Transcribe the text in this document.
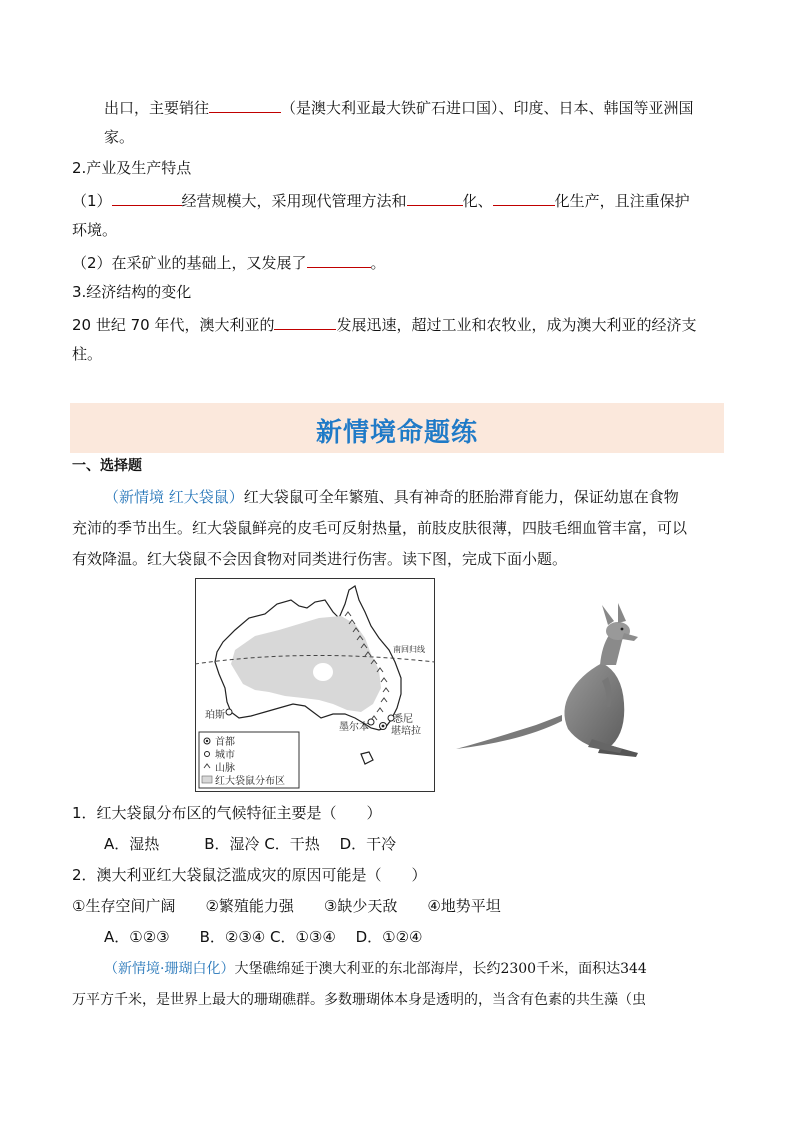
出口，主要销往	（是澳大利亚最大铁矿石进口国）、印度、日本、韩国等亚洲国
家。
2.产业及生产特点
（1）	经营规模大，采用现代管理方法和	化、	化生产，且注重保护
环境。
（2）在采矿业的基础上，又发展了	。
3.经济结构的变化
20 世纪 70 年代，澳大利亚的	发展迅速，超过工业和农牧业，成为澳大利亚的经济支
柱。
新情境命题练
一、选择题
（新情境 红大袋鼠）红大袋鼠可全年繁殖、具有神奇的胚胎滞育能力，保证幼崽在食物
充沛的季节出生。红大袋鼠鲜亮的皮毛可反射热量，前肢皮肤很薄，四肢毛细血管丰富，可以
有效降温。红大袋鼠不会因食物对同类进行伤害。读下图，完成下面小题。
首都
城市
山脉
红大袋鼠分布区
南回归线
珀斯
墨尔本
悉尼
堪培拉
1．红大袋鼠分布区的气候特征主要是（　　）
A．湿热　　　B．湿冷 C．干热　 D．干冷
2．澳大利亚红大袋鼠泛滥成灾的原因可能是（　　）
①生存空间广阔　　②繁殖能力强　　③缺少天敌　　④地势平坦
A．①②③　　B．②③④ C．①③④　 D．①②④
（新情境·珊瑚白化）大堡礁绵延于澳大利亚的东北部海岸，长约2300千米，面积达344
万平方千米，是世界上最大的珊瑚礁群。多数珊瑚体本身是透明的，当含有色素的共生藻（虫
